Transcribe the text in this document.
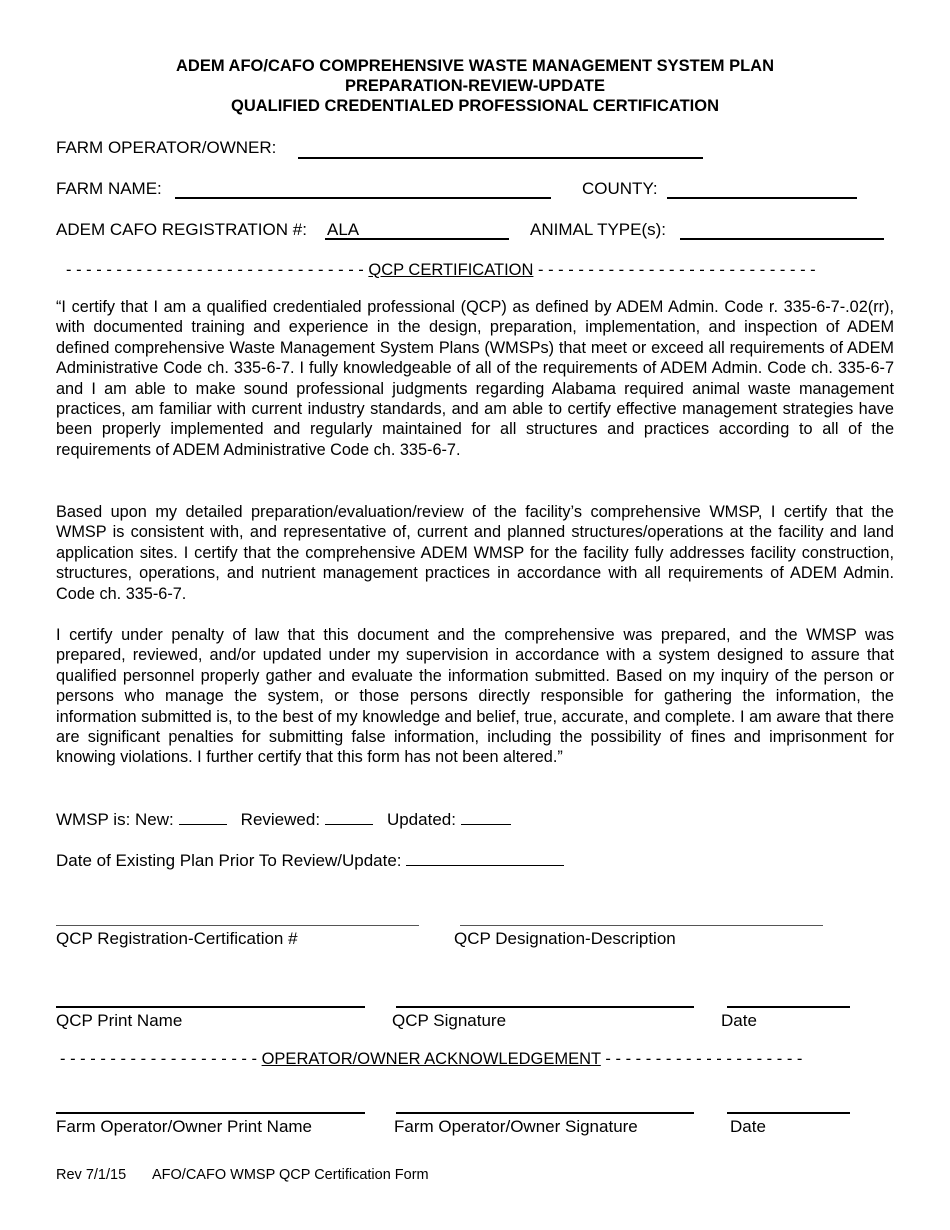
ADEM AFO/CAFO COMPREHENSIVE WASTE MANAGEMENT SYSTEM PLAN
PREPARATION-REVIEW-UPDATE
QUALIFIED CREDENTIALED PROFESSIONAL CERTIFICATION
FARM OPERATOR/OWNER:
FARM NAME:	COUNTY:
ADEM CAFO REGISTRATION #: ALA	ANIMAL TYPE(s):
- - - - - - - - - - - - - - - - - - - - - - - - - - - - - - QCP CERTIFICATION - - - - - - - - - - - - - - - - - - - - - - - - - - - -
“I certify that I am a qualified credentialed professional (QCP) as defined by ADEM Admin. Code r. 335-6-7-.02(rr), with documented training and experience in the design, preparation, implementation, and inspection of ADEM defined comprehensive Waste Management System Plans (WMSPs) that meet or exceed all requirements of ADEM Administrative Code ch. 335-6-7. I fully knowledgeable of all of the requirements of ADEM Admin. Code ch. 335-6-7 and I am able to make sound professional judgments regarding Alabama required animal waste management practices, am familiar with current industry standards, and am able to certify effective management strategies have been properly implemented and regularly maintained for all structures and practices according to all of the requirements of ADEM Administrative Code ch. 335-6-7.
Based upon my detailed preparation/evaluation/review of the facility’s comprehensive WMSP, I certify that the WMSP is consistent with, and representative of, current and planned structures/operations at the facility and land application sites. I certify that the comprehensive ADEM WMSP for the facility fully addresses facility construction, structures, operations, and nutrient management practices in accordance with all requirements of ADEM Admin. Code ch. 335-6-7.
I certify under penalty of law that this document and the comprehensive was prepared, and the WMSP was prepared, reviewed, and/or updated under my supervision in accordance with a system designed to assure that qualified personnel properly gather and evaluate the information submitted. Based on my inquiry of the person or persons who manage the system, or those persons directly responsible for gathering the information, the information submitted is, to the best of my knowledge and belief, true, accurate, and complete. I am aware that there are significant penalties for submitting false information, including the possibility of fines and imprisonment for knowing violations. I further certify that this form has not been altered.”
WMSP is: New:	Reviewed:	Updated:
Date of Existing Plan Prior To Review/Update:
QCP Registration-Certification #	QCP Designation-Description
QCP Print Name	QCP Signature	Date
- - - - - - - - - - - - - - - - - - - - OPERATOR/OWNER ACKNOWLEDGEMENT - - - - - - - - - - - - - - - - - - - -
Farm Operator/Owner Print Name	Farm Operator/Owner Signature	Date
Rev 7/1/15 AFO/CAFO WMSP QCP Certification Form
